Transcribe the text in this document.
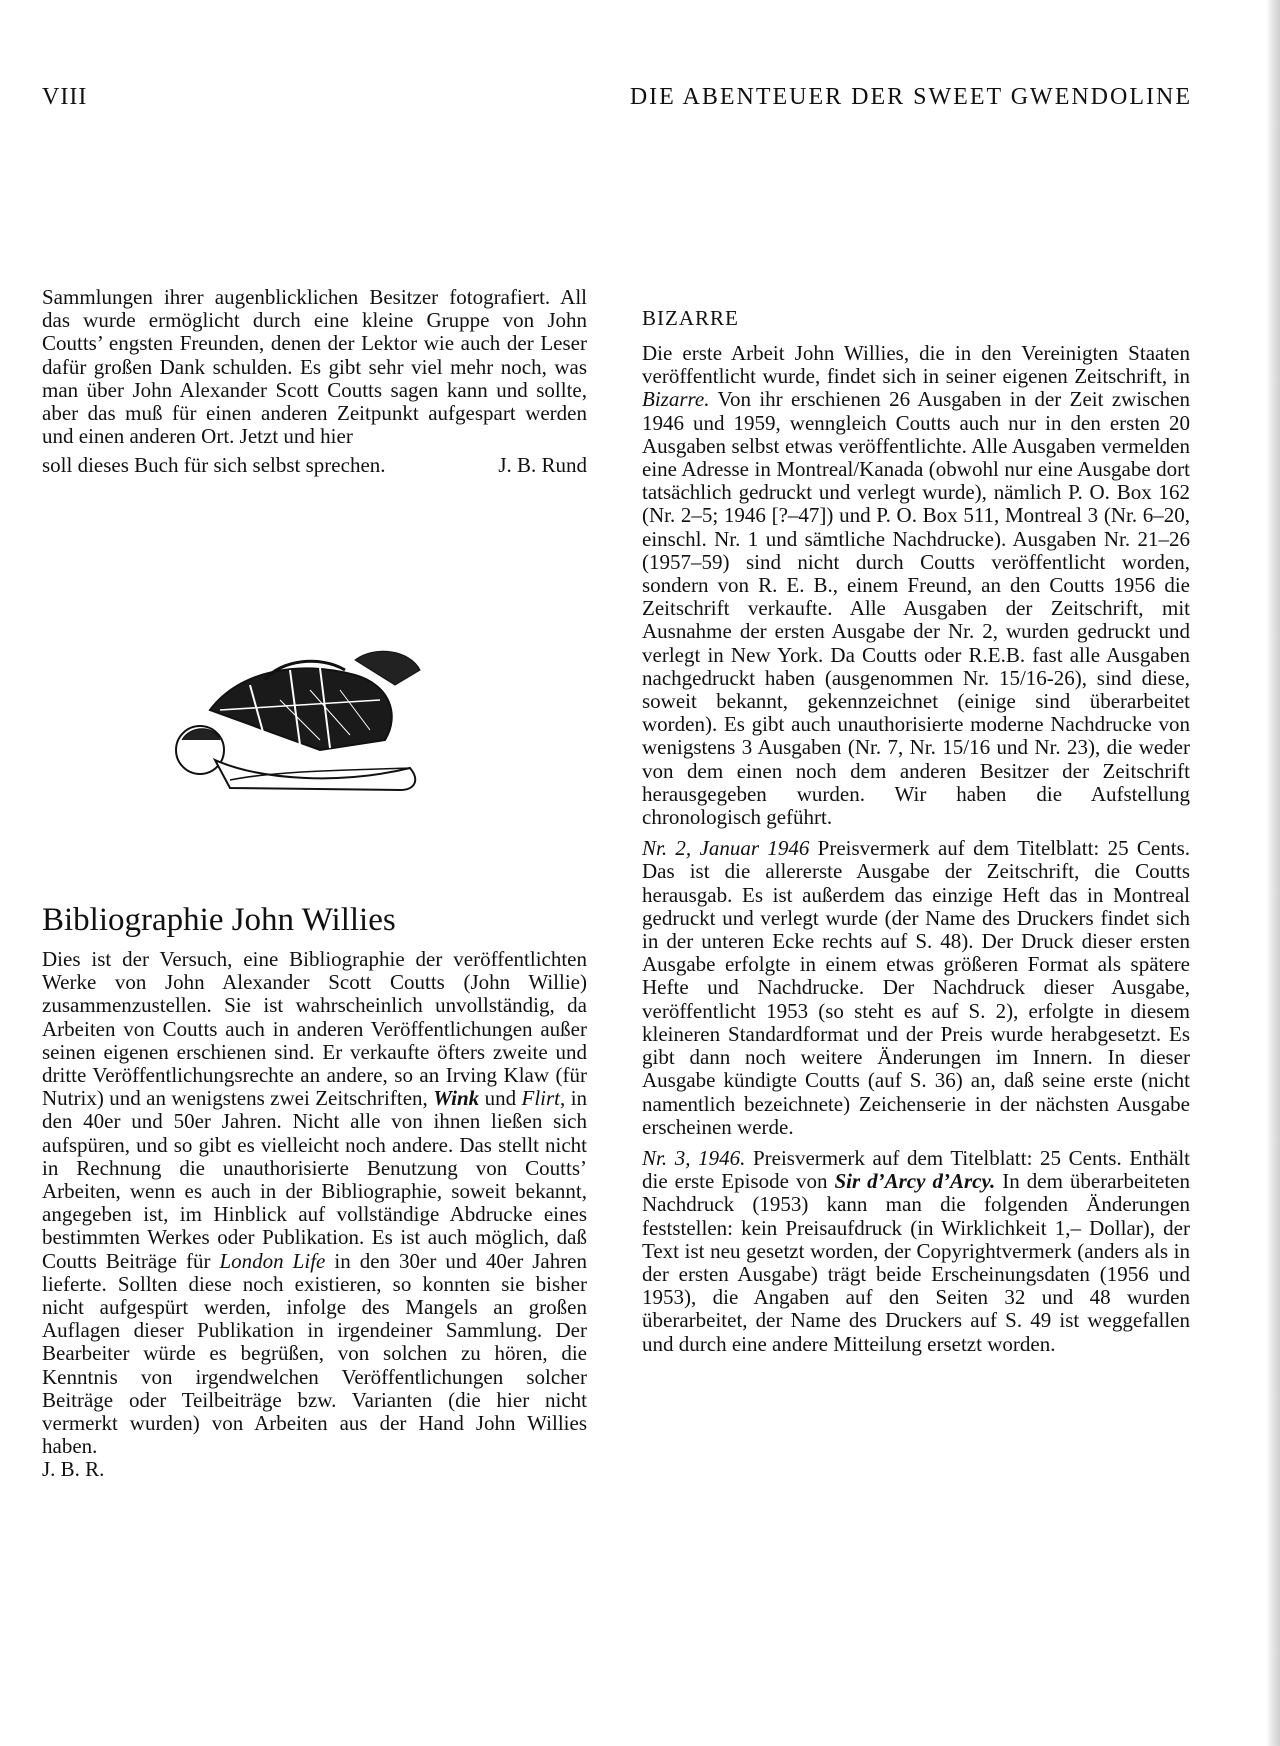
VIII	DIE ABENTEUER DER SWEET GWENDOLINE

Sammlungen ihrer augenblicklichen Besitzer fotografiert. All das wurde ermöglicht durch eine kleine Gruppe von John Coutts’ engsten Freunden, denen der Lektor wie auch der Leser dafür großen Dank schulden. Es gibt sehr viel mehr noch, was man über John Alexander Scott Coutts sagen kann und sollte, aber das muß für einen anderen Zeitpunkt aufgespart werden und einen anderen Ort. Jetzt und hier

soll dieses Buch für sich selbst sprechen.	J. B. Rund
Bibliographie John Willies

Dies ist der Versuch, eine Bibliographie der veröffentlichten Werke von John Alexander Scott Coutts (John Willie) zusammenzustellen. Sie ist wahrscheinlich unvollständig, da Arbeiten von Coutts auch in anderen Veröffentlichungen außer seinen eigenen erschienen sind. Er verkaufte öfters zweite und dritte Veröffentlichungsrechte an andere, so an Irving Klaw (für Nutrix) und an wenigstens zwei Zeitschriften, Wink und Flirt, in den 40er und 50er Jahren. Nicht alle von ihnen ließen sich aufspüren, und so gibt es vielleicht noch andere. Das stellt nicht in Rechnung die unauthorisierte Benutzung von Coutts’ Arbeiten, wenn es auch in der Bibliographie, soweit bekannt, angegeben ist, im Hinblick auf vollständige Abdrucke eines bestimmten Werkes oder Publikation. Es ist auch möglich, daß Coutts Beiträge für London Life in den 30er und 40er Jahren lieferte. Sollten diese noch existieren, so konnten sie bisher nicht aufgespürt werden, infolge des Mangels an großen Auflagen dieser Publikation in irgendeiner Sammlung. Der Bearbeiter würde es begrüßen, von solchen zu hören, die Kenntnis von irgendwelchen Veröffentlichungen solcher Beiträge oder Teilbeiträge bzw. Varianten (die hier nicht vermerkt wurden) von Arbeiten aus der Hand John Willies haben.

J. B. R.

BIZARRE

Die erste Arbeit John Willies, die in den Vereinigten Staaten veröffentlicht wurde, findet sich in seiner eigenen Zeitschrift, in Bizarre. Von ihr erschienen 26 Ausgaben in der Zeit zwischen 1946 und 1959, wenngleich Coutts auch nur in den ersten 20 Ausgaben selbst etwas veröffentlichte. Alle Ausgaben vermelden eine Adresse in Montreal/Kanada (obwohl nur eine Ausgabe dort tatsächlich gedruckt und verlegt wurde), nämlich P. O. Box 162 (Nr. 2–5; 1946 [?–47]) und P. O. Box 511, Montreal 3 (Nr. 6–20, einschl. Nr. 1 und sämtliche Nachdrucke). Ausgaben Nr. 21–26 (1957–59) sind nicht durch Coutts veröffentlicht worden, sondern von R. E. B., einem Freund, an den Coutts 1956 die Zeitschrift verkaufte. Alle Ausgaben der Zeitschrift, mit Ausnahme der ersten Ausgabe der Nr. 2, wurden gedruckt und verlegt in New York. Da Coutts oder R.E.B. fast alle Ausgaben nachgedruckt haben (ausgenommen Nr. 15/16-26), sind diese, soweit bekannt, gekennzeichnet (einige sind überarbeitet worden). Es gibt auch unauthorisierte moderne Nachdrucke von wenigstens 3 Ausgaben (Nr. 7, Nr. 15/16 und Nr. 23), die weder von dem einen noch dem anderen Besitzer der Zeitschrift herausgegeben wurden. Wir haben die Aufstellung chronologisch geführt.

Nr. 2, Januar 1946 Preisvermerk auf dem Titelblatt: 25 Cents. Das ist die allererste Ausgabe der Zeitschrift, die Coutts herausgab. Es ist außerdem das einzige Heft das in Montreal gedruckt und verlegt wurde (der Name des Druckers findet sich in der unteren Ecke rechts auf S. 48). Der Druck dieser ersten Ausgabe erfolgte in einem etwas größeren Format als spätere Hefte und Nachdrucke. Der Nachdruck dieser Ausgabe, veröffentlicht 1953 (so steht es auf S. 2), erfolgte in diesem kleineren Standardformat und der Preis wurde herabgesetzt. Es gibt dann noch weitere Änderungen im Innern. In dieser Ausgabe kündigte Coutts (auf S. 36) an, daß seine erste (nicht namentlich bezeichnete) Zeichenserie in der nächsten Ausgabe erscheinen werde.

Nr. 3, 1946. Preisvermerk auf dem Titelblatt: 25 Cents. Enthält die erste Episode von Sir d’Arcy d’Arcy. In dem überarbeiteten Nachdruck (1953) kann man die folgenden Änderungen feststellen: kein Preisaufdruck (in Wirklichkeit 1,– Dollar), der Text ist neu gesetzt worden, der Copyrightvermerk (anders als in der ersten Ausgabe) trägt beide Erscheinungsdaten (1956 und 1953), die Angaben auf den Seiten 32 und 48 wurden überarbeitet, der Name des Druckers auf S. 49 ist weggefallen und durch eine andere Mitteilung ersetzt worden.
